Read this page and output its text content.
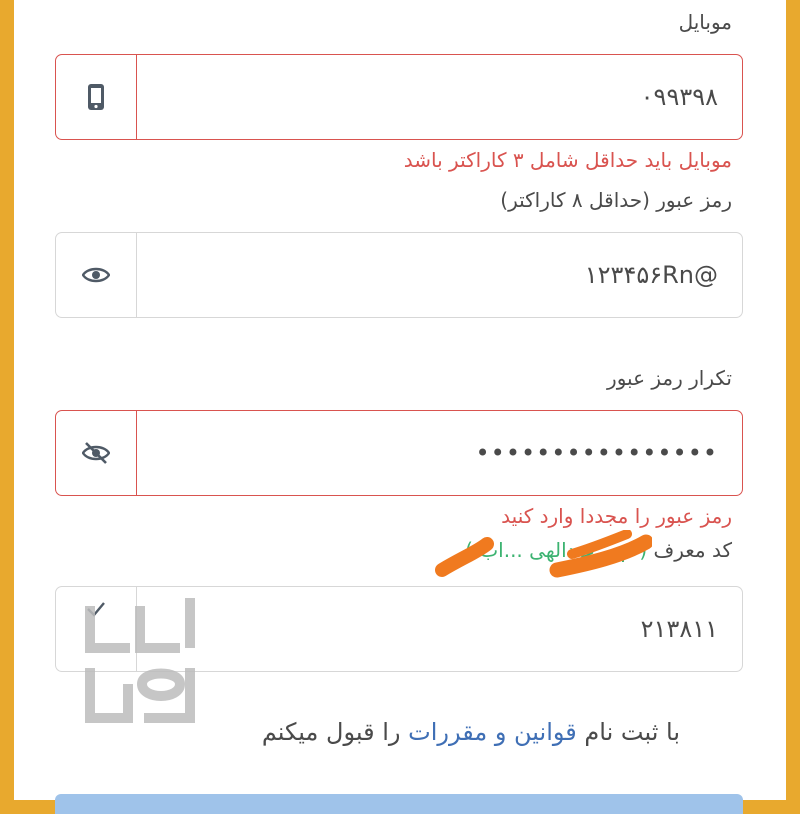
موبایل
۰۹۹۳۹۸
موبایل باید حداقل شامل ۳ کاراکتر باشد
رمز عبور (حداقل ۸ کاراکتر)
۱۲۳۴۵۶Rn@
تکرار رمز عبور
••••••••••••••••
رمز عبور را مجددا وارد کنید
کد معرف ( م... عبدالهی ...اب )
۲۱۳۸۱۱
با ثبت نام قوانین و مقررات را قبول میکنم
